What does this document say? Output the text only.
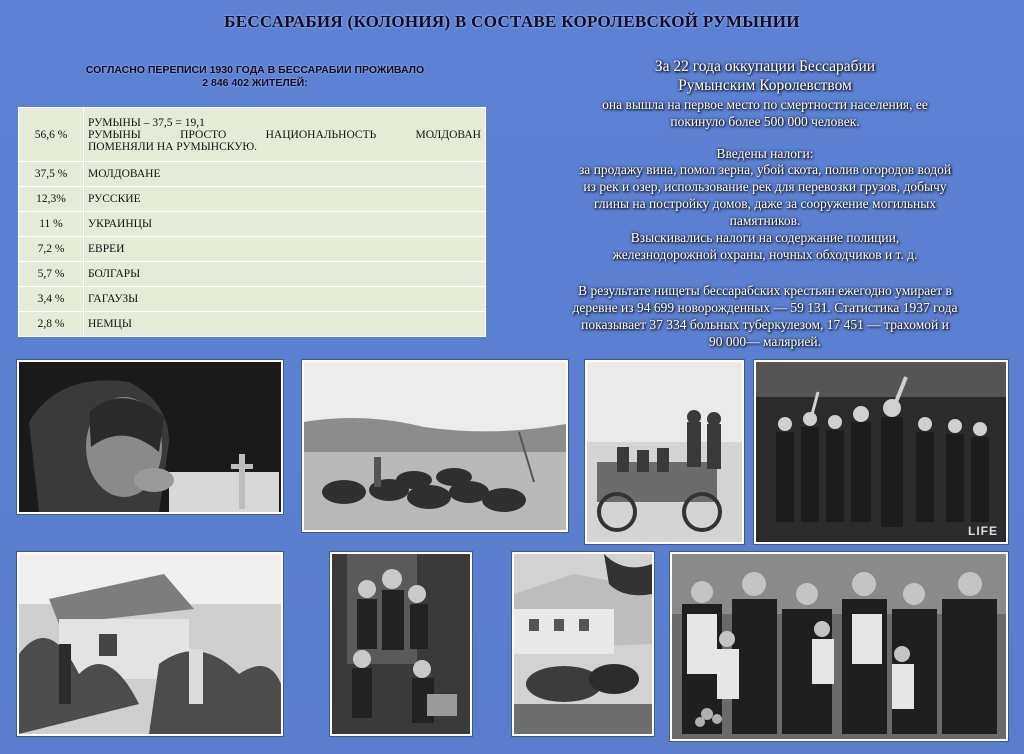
БЕССАРАБИЯ (КОЛОНИЯ) В СОСТАВЕ КОРОЛЕВСКОЙ РУМЫНИИ
СОГЛАСНО ПЕРЕПИСИ 1930 ГОДА В БЕССАРАБИИ ПРОЖИВАЛО
2 846 402 ЖИТЕЛЕЙ:
56,6 %	РУМЫНЫ – 37,5 = 19,1
РУМЫНЫ ПРОСТО НАЦИОНАЛЬНОСТЬ МОЛДОВАН
ПОМЕНЯЛИ НА РУМЫНСКУЮ.

37,5 %	МОЛДОВАНЕ
12,3%	РУССКИЕ
11 %	УКРАИНЦЫ
7,2 %	ЕВРЕИ
5,7 %	БОЛГАРЫ
3,4 %	ГАГАУЗЫ
2,8 %	НЕМЦЫ
За 22 года оккупации Бессарабии
Румынским Королевством
она вышла на первое место по смертности населения, ее
покинуло более 500 000 человек.
Введены налоги:
за продажу вина, помол зерна, убой скота, полив огородов водой
из рек и озер, использование рек для перевозки грузов, добычу
глины на постройку домов, даже за сооружение могильных
памятников.
Взыскивались налоги на содержание полиции,
железнодорожной охраны, ночных обходчиков и т. д.
В результате нищеты бессарабских крестьян ежегодно умирает в
деревне из 94 699 новорожденных — 59 131. Статистика 1937 года
показывает 37 334 больных туберкулезом, 17 451 — трахомой и
90 000— малярией.
LIFE
